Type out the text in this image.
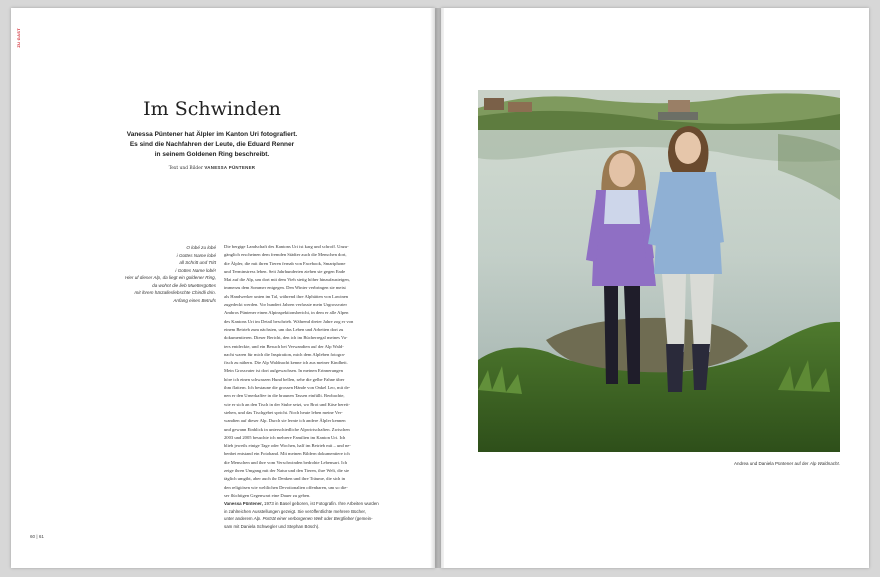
ZU GAST
Im Schwinden
Vanessa Püntener hat Älpler im Kanton Uri fotografiert.
Es sind die Nachfahren der Leute, die Eduard Renner
in seinem Goldenen Ring beschreibt.
Text und Bilder VANESSA PÜNTENER
O lobé zu lobé
i Gottes Name lobé
all Schritt und Tritt
i Gottes Name lobé!
Hier uf dieser Alp, da liegt ein goldener Ring,
da wohnt die lieb Muettergottes
mit ihrem härzallerliebschte Chindli drin.
Anfang eines Betrufs
Die bergige Landschaft des Kantons Uri ist karg und schroff. Unzu-
gänglich erscheinen dem fremden Städter auch die Menschen dort,
die Älpler, die mit ihren Tieren fernab von Facebook, Smartphone
und Terminstress leben. Seit Jahrhunderten ziehen sie gegen Ende
Mai auf die Alp, um dort mit dem Vieh stetig höher hinaufzusteigen,
immerzu dem Sommer entgegen. Den Winter verbringen sie meist
als Handwerker unten im Tal, während ihre Alphütten von Lawinen
zugedeckt werden. Vor hundert Jahren verfasste mein Urgrossvater
Ambros Püntener einen Alpinspektionsbericht, in dem er alle Alpen
des Kantons Uri im Detail beschrieb. Während dreier Jahre zog er von
einem Betrieb zum nächsten, um das Leben und Arbeiten dort zu
dokumentieren. Dieser Bericht, den ich im Bücherregal meines Va-
ters entdeckte, und ein Besuch bei Verwandten auf der Alp Wald-
nacht waren für mich die Inspiration, mich dem Alpleben fotogra-
fisch zu nähern. Die Alp Waldnacht kenne ich aus meiner Kindheit.
Mein Grossvater ist dort aufgewachsen. In meinen Erinnerungen
höre ich einen schwarzen Hund bellen, sehe die gelbe Fahne über
ihm flattern. Ich bestaune die grossen Hände von Onkel Leo, mit de-
nen er den Urnerkaffee in die braunen Tassen einfüllt. Beobachte,
wie er sich an den Tisch in der Stube setzt, wo Brot und Käse bereit-
stehen, und das Tischgebet spricht. Noch heute leben meine Ver-
wandten auf dieser Alp. Durch sie lernte ich andere Älpler kennen
und gewann Einblick in unterschiedliche Alpwirtschaften. Zwischen
2003 und 2005 besuchte ich mehrere Familien im Kanton Uri. Ich
blieb jeweils einige Tage oder Wochen, half im Betrieb mit – und ne-
benbei entstand ein Fotoband. Mit meinen Bildern dokumentiere ich
die Menschen und ihre vom Verschwinden bedrohte Lebensart. Ich
zeige ihren Umgang mit der Natur und den Tieren, ihre Welt, die sie
täglich umgibt, aber auch ihr Denken und ihre Träume, die sich in
den religiösen wie weltlichen Devotionalien offenbaren, um so die-
ser flüchtigen Gegenwart eine Dauer zu geben.
Vanessa Püntener, 1973 in Basel geboren, ist Fotografin. Ihre Arbeiten wurden
in zahlreichen Ausstellungen gezeigt. Sie veröffentlichte mehrere Bücher,
unter anderem Alp. Porträt einer verborgenen Welt oder Bergfieber (gemein-
sam mit Daniela Schwegler und Stephan Bösch).
60 | 61
Andrea und Daniela Püntener auf der Alp Waldnacht.
